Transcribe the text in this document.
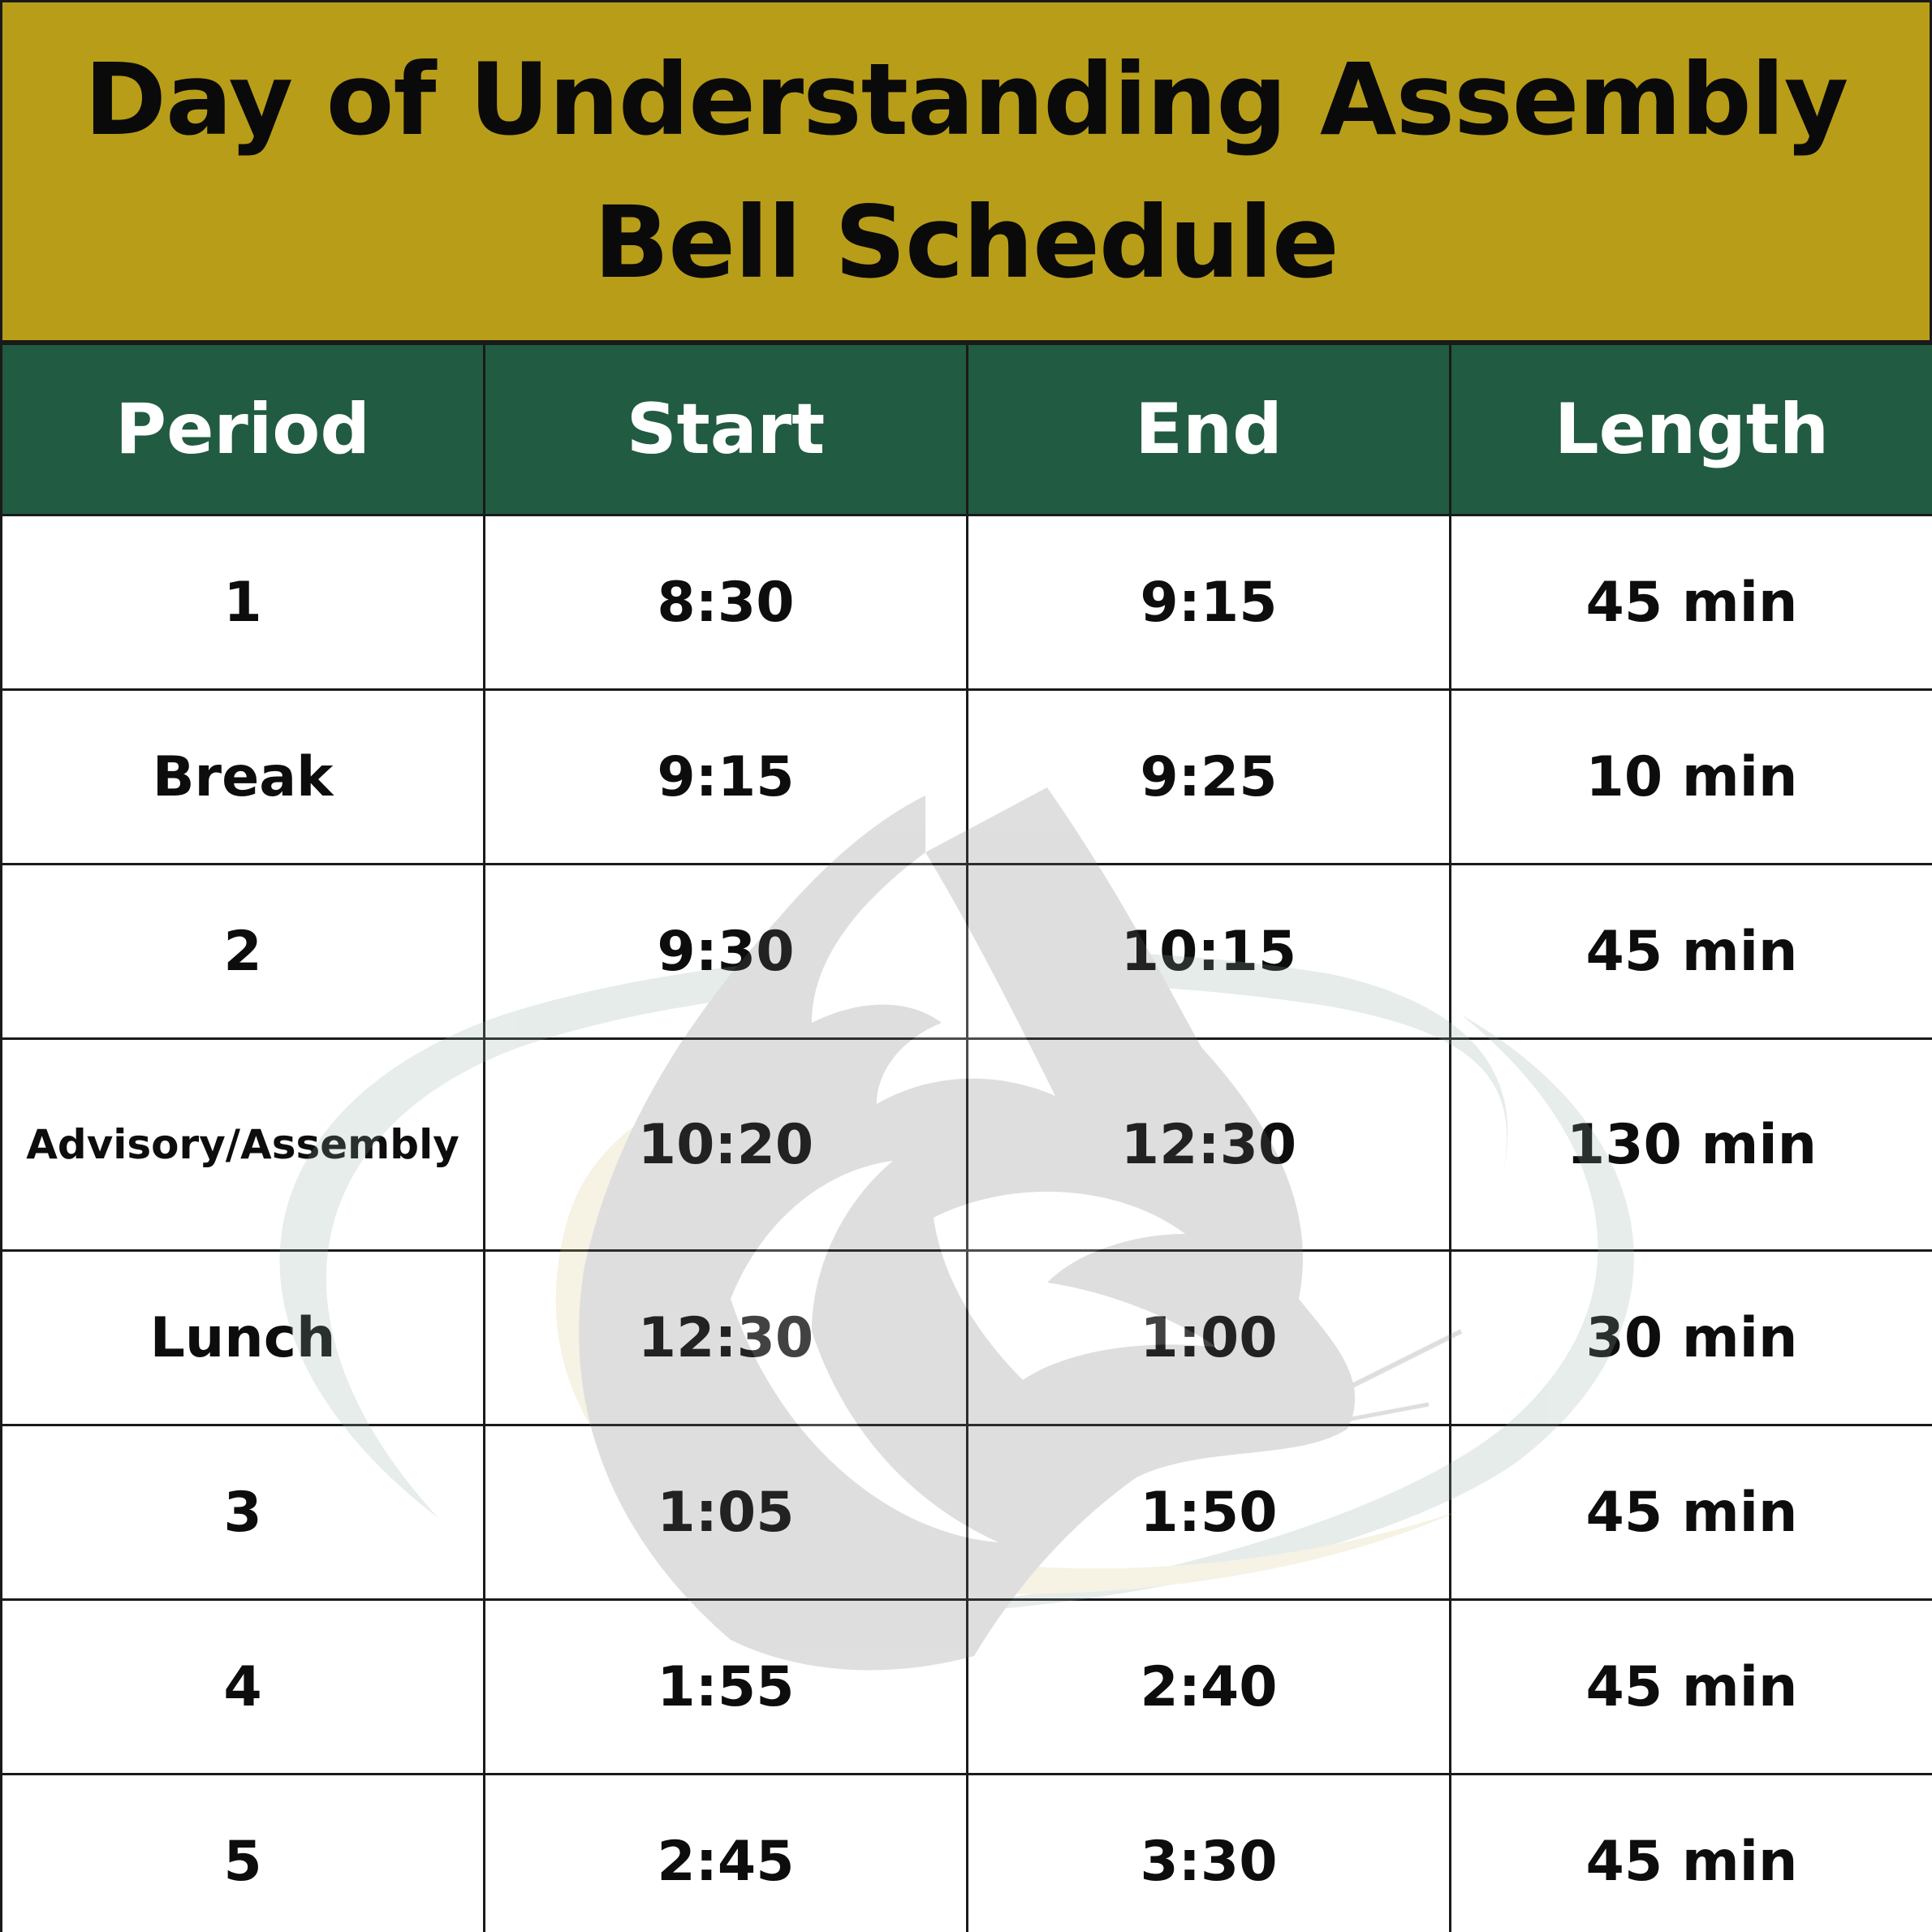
Day of Understanding Assembly
Bell Schedule
Period	Start	End	Length
1	8:30	9:15	45 min
Break	9:15	9:25	10 min
2	9:30	10:15	45 min
Advisory/Assembly	10:20	12:30	130 min
Lunch	12:30	1:00	30 min
3	1:05	1:50	45 min
4	1:55	2:40	45 min
5	2:45	3:30	45 min
